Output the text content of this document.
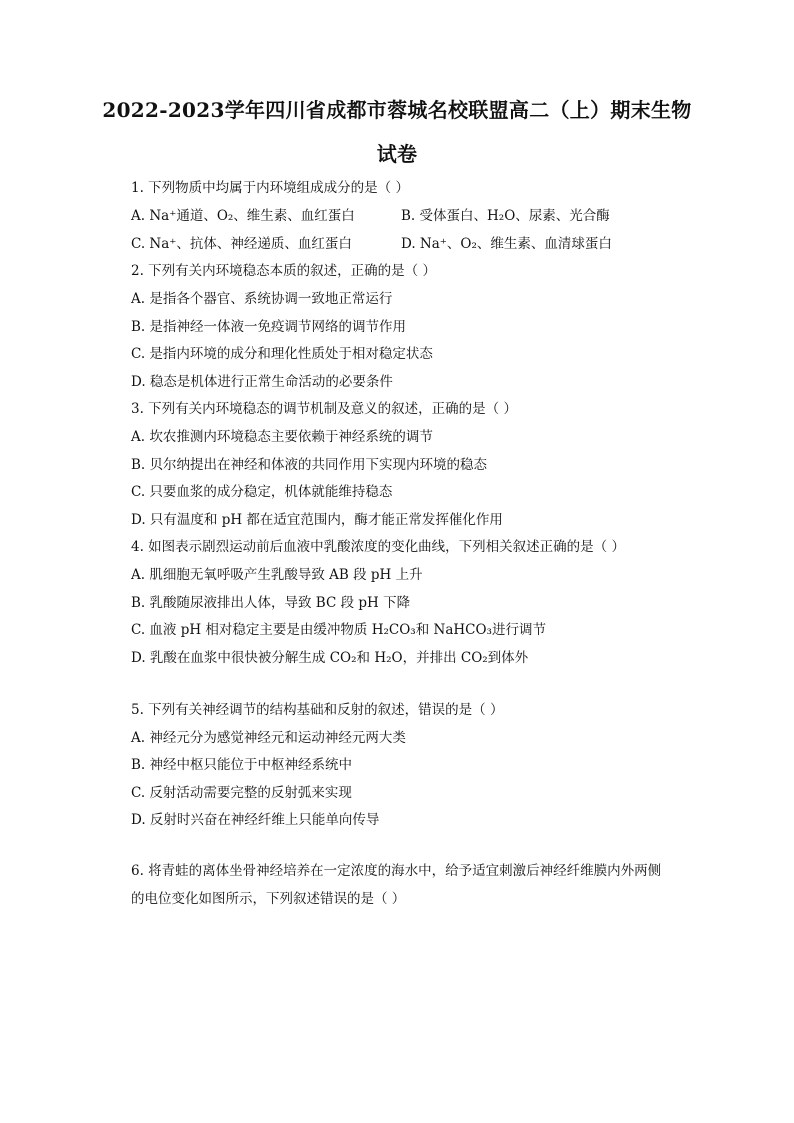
2022-2023学年四川省成都市蓉城名校联盟高二（上）期末生物
试卷
1. 下列物质中均属于内环境组成成分的是（ ）
A. Na⁺通道、O₂、维生素、血红蛋白	B. 受体蛋白、H₂O、尿素、光合酶
C. Na⁺、抗体、神经递质、血红蛋白	D. Na⁺、O₂、维生素、血清球蛋白
2. 下列有关内环境稳态本质的叙述，正确的是（ ）
A. 是指各个器官、系统协调一致地正常运行
B. 是指神经一体液一免疫调节网络的调节作用
C. 是指内环境的成分和理化性质处于相对稳定状态
D. 稳态是机体进行正常生命活动的必要条件
3. 下列有关内环境稳态的调节机制及意义的叙述，正确的是（ ）
A. 坎农推测内环境稳态主要依赖于神经系统的调节
B. 贝尔纳提出在神经和体液的共同作用下实现内环境的稳态
C. 只要血浆的成分稳定，机体就能维持稳态
D. 只有温度和 pH 都在适宜范围内，酶才能正常发挥催化作用
4. 如图表示剧烈运动前后血液中乳酸浓度的变化曲线，下列相关叙述正确的是（ ）
A. 肌细胞无氧呼吸产生乳酸导致 AB 段 pH 上升
B. 乳酸随尿液排出人体，导致 BC 段 pH 下降
C. 血液 pH 相对稳定主要是由缓冲物质 H₂CO₃和 NaHCO₃进行调节
D. 乳酸在血浆中很快被分解生成 CO₂和 H₂O，并排出 CO₂到体外
5. 下列有关神经调节的结构基础和反射的叙述，错误的是（ ）
A. 神经元分为感觉神经元和运动神经元两大类
B. 神经中枢只能位于中枢神经系统中
C. 反射活动需要完整的反射弧来实现
D. 反射时兴奋在神经纤维上只能单向传导
6. 将青蛙的离体坐骨神经培养在一定浓度的海水中，给予适宜刺激后神经纤维膜内外两侧
的电位变化如图所示，下列叙述错误的是（ ）
